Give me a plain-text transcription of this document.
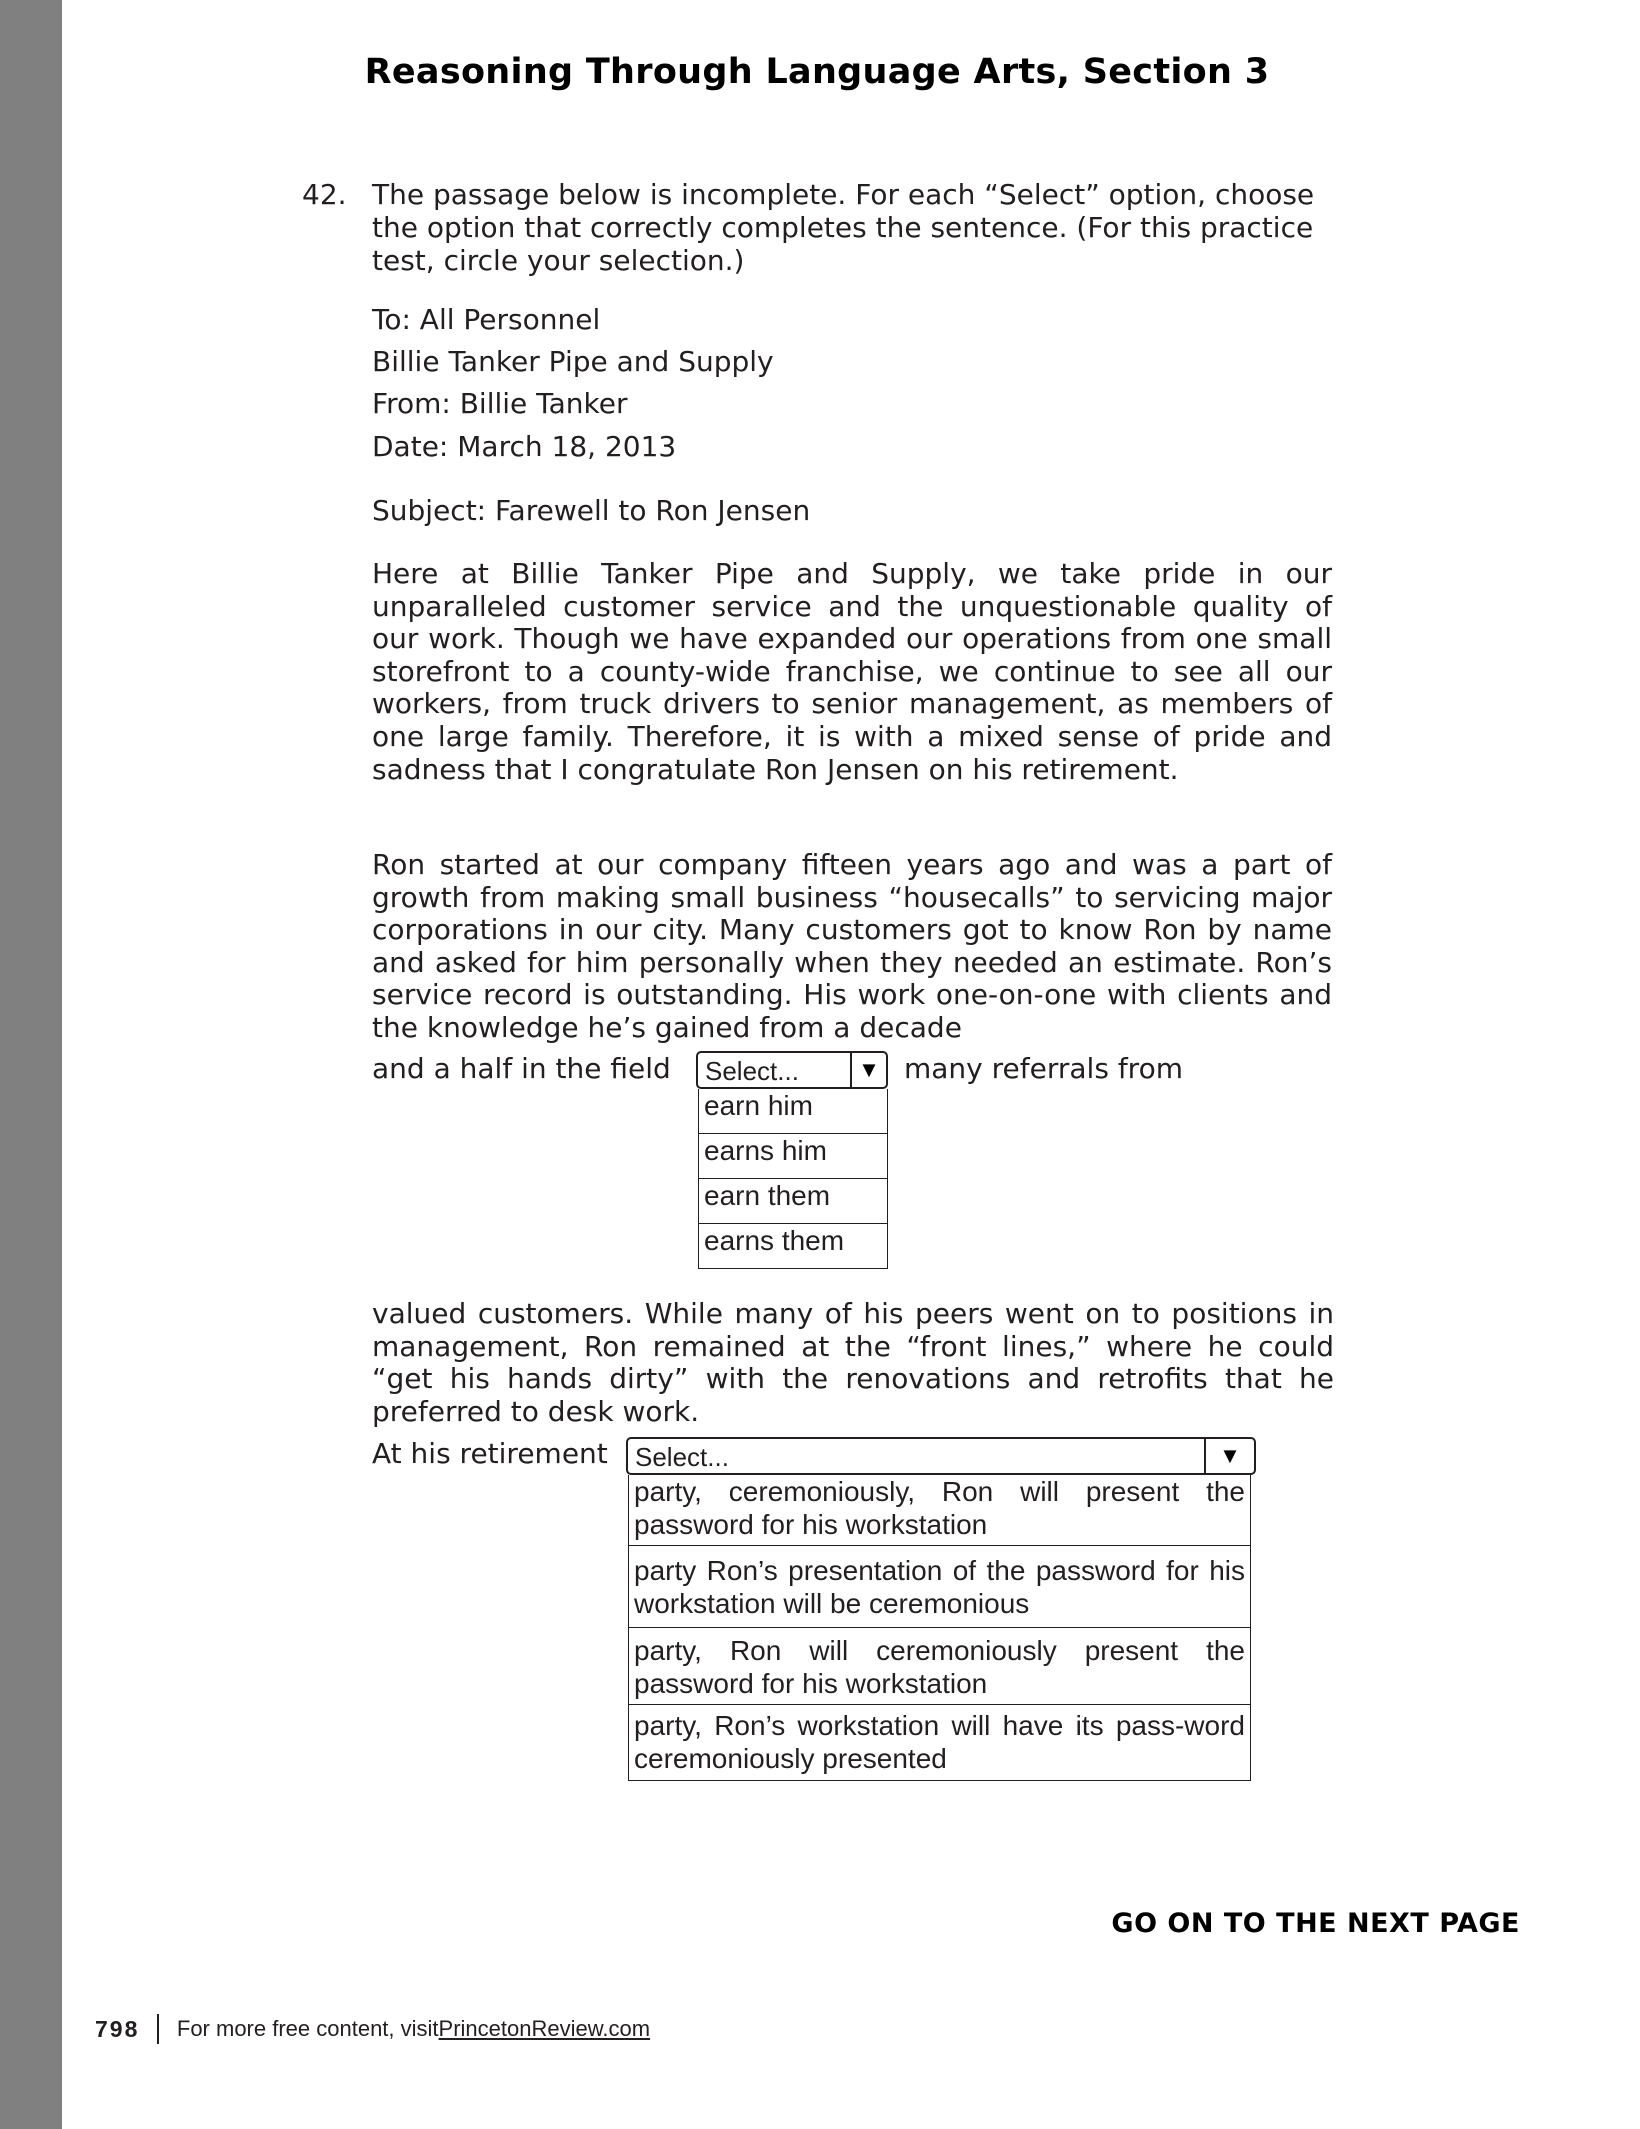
Reasoning Through Language Arts, Section 3
42. The passage below is incomplete. For each “Select” option, choose the option that correctly completes the sentence. (For this practice test, circle your selection.)

To: All Personnel
Billie Tanker Pipe and Supply
From: Billie Tanker
Date: March 18, 2013
Subject: Farewell to Ron Jensen

Here at Billie Tanker Pipe and Supply, we take pride in our unparalleled customer service and the unquestionable quality of our work. Though we have expanded our operations from one small storefront to a county-wide franchise, we continue to see all our workers, from truck drivers to senior management, as members of one large family. Therefore, it is with a mixed sense of pride and sadness that I congratulate Ron Jensen on his retirement.

Ron started at our company fifteen years ago and was a part of growth from making small business “housecalls” to servicing major corporations in our city. Many customers got to know Ron by name and asked for him personally when they needed an estimate. Ron’s service record is outstanding. His work one-on-one with clients and the knowledge he’s gained from a decade

and a half in the field Select...	▼ many referrals from
earn him
earns him
earn them
earns them

valued customers. While many of his peers went on to positions in management, Ron remained at the “front lines,” where he could “get his hands dirty” with the renovations and retrofits that he preferred to desk work.

At his retirement Select...	▼
party, ceremoniously, Ron will present the password for his workstation
party Ron’s presentation of the password for his workstation will be ceremonious
party, Ron will ceremoniously present the password for his workstation
party, Ron’s workstation will have its pass-word ceremoniously presented
GO ON TO THE NEXT PAGE
798 For more free content, visit PrincetonReview.com
